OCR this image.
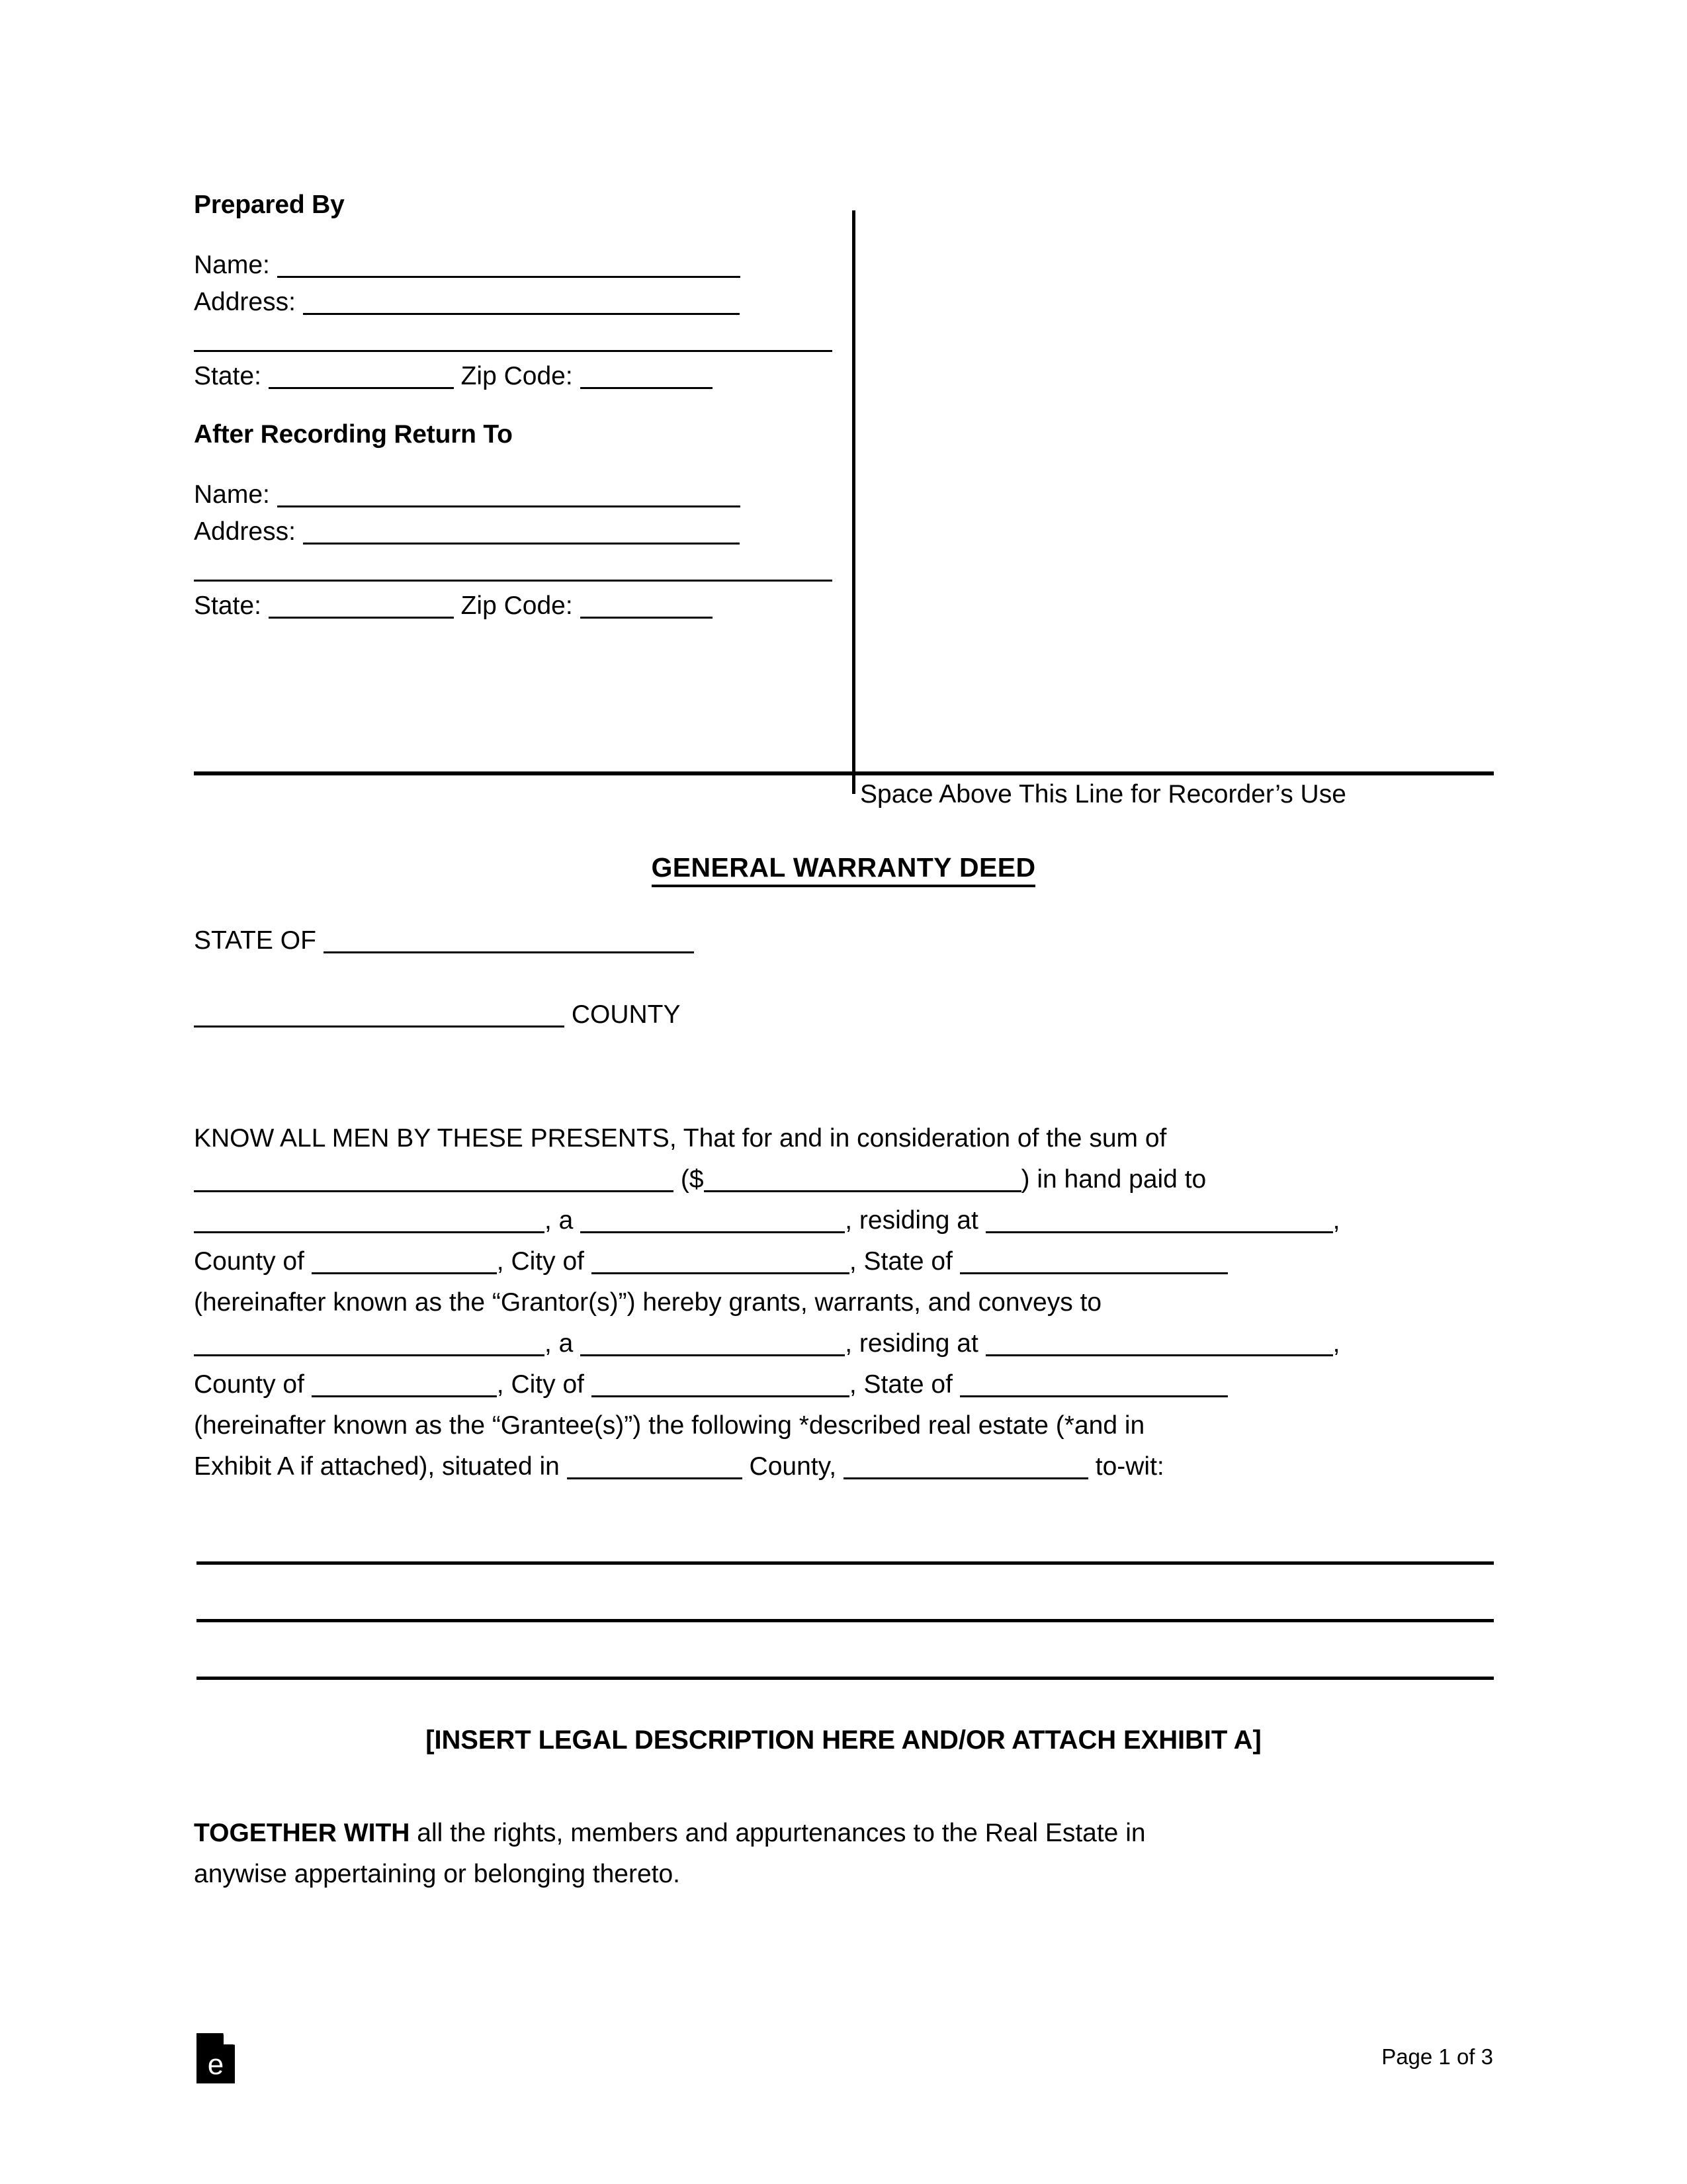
Prepared By

Name:

Address:

State:	Zip Code:

After Recording Return To

Name:

Address:

State:	Zip Code:

Space Above This Line for Recorder’s Use
GENERAL WARRANTY DEED
STATE OF
COUNTY

KNOW ALL MEN BY THESE PRESENTS, That for and in consideration of the sum of

($	) in hand paid to

, a	, residing at	,

County of	, City of	, State of

(hereinafter known as the “Grantor(s)”) hereby grants, warrants, and conveys to

, a	, residing at	,

County of	, City of	, State of

(hereinafter known as the “Grantee(s)”) the following *described real estate (*and in

Exhibit A if attached), situated in	County,	to-wit:

[INSERT LEGAL DESCRIPTION HERE AND/OR ATTACH EXHIBIT A]

TOGETHER WITH all the rights, members and appurtenances to the Real Estate in

anywise appertaining or belonging thereto.

e	Page 1 of 3
